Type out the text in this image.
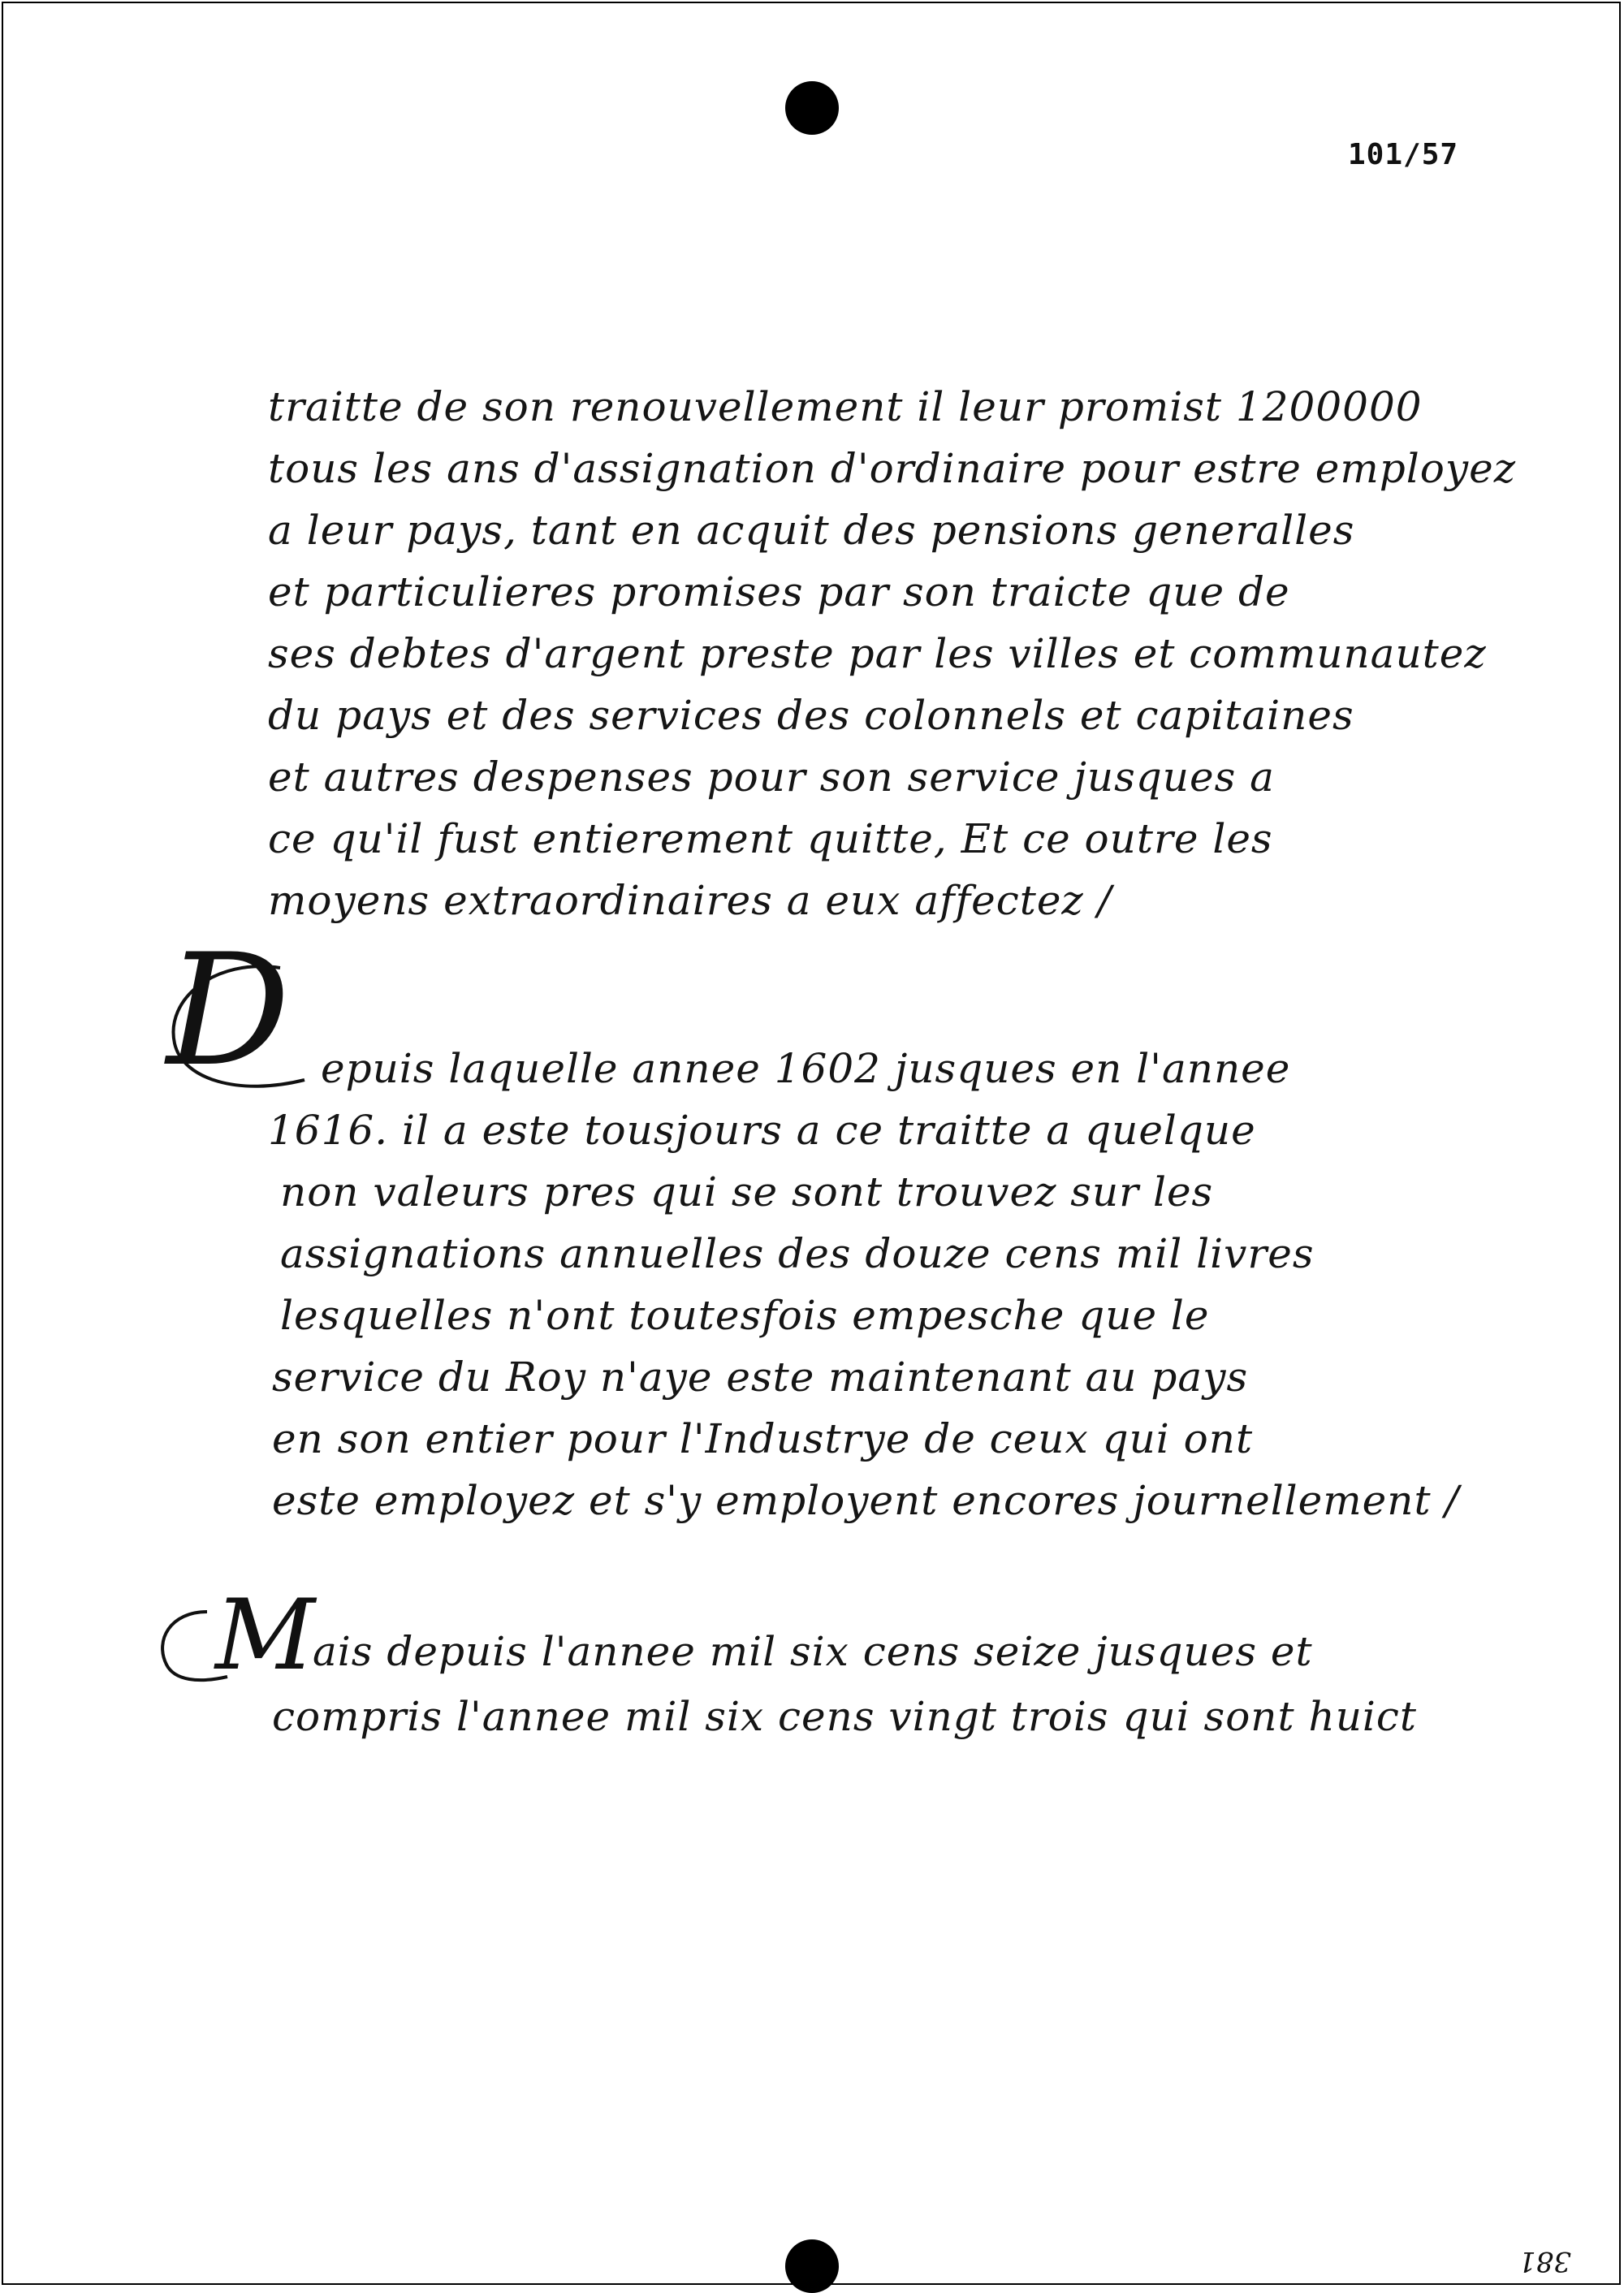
101/57
381
traitte de son renouvellement il leur promist 1200000
tous les ans d'assignation d'ordinaire pour estre employez
a leur pays, tant en acquit des pensions generalles
et particulieres promises par son traicte que de
ses debtes d'argent preste par les villes et communautez
du pays et des services des colonnels et capitaines
et autres despenses pour son service jusques a
ce qu'il fust entierement quitte, Et ce outre les
moyens extraordinaires a eux affectez /
D epuis laquelle annee 1602 jusques en l'annee
1616. il a este tousjours a ce traitte a quelque
non valeurs pres qui se sont trouvez sur les
assignations annuelles des douze cens mil livres
lesquelles n'ont toutesfois empesche que le
service du Roy n'aye este maintenant au pays
en son entier pour l'Industrye de ceux qui ont
este employez et s'y employent encores journellement /
M
ais depuis l'annee mil six cens seize jusques et
compris l'annee mil six cens vingt trois qui sont huict
